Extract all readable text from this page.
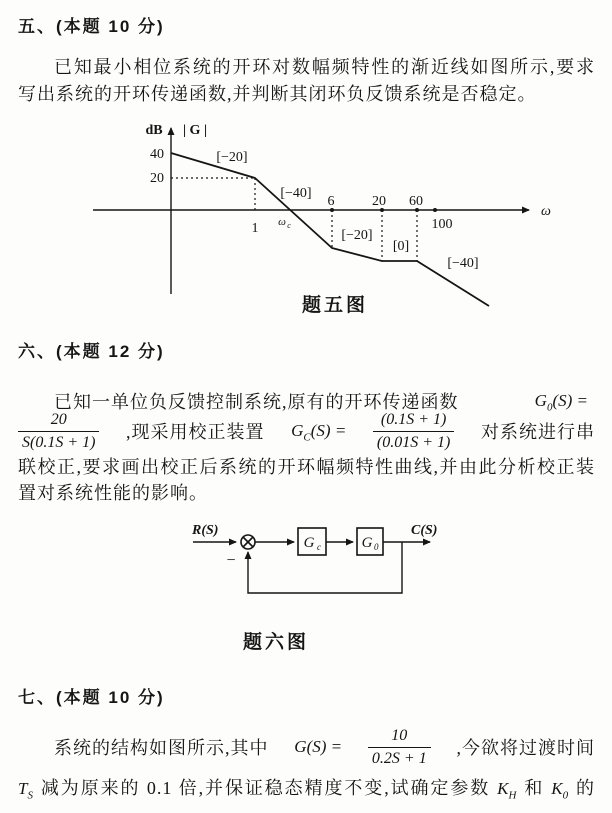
五、(本题 10 分)
已知最小相位系统的开环对数幅频特性的渐近线如图所示,要求
写出系统的开环传递函数,并判断其闭环负反馈系统是否稳定。
dB | G |
40
20
[−20]
[−40]
[−20]
[0]
[−40]
1 ω c
6	20 60
100
ω
题五图
六、(本题 12 分)
已知一单位负反馈控制系统,原有的开环传递函数	$G_0(S)$ =
$\frac{20}{S(0.1S + 1)}$ ,现采用校正装置 $G_C(S) = \frac{(0.1S + 1)}{(0.01S + 1)}$ 对系统进行串
联校正,要求画出校正后系统的开环幅频特性曲线,并由此分析校正装
置对系统性能的影响。
R(S)
−
G c	G 0
C(S)
题六图
七、(本题 10 分)
系统的结构如图所示,其中 $G(S) = \frac{10}{0.2S + 1}$ ,今欲将过渡时间
$T_S$ 减为原来的 0.1 倍,并保证稳态精度不变,试确定参数 $K_H$ 和 $K_0$ 的
